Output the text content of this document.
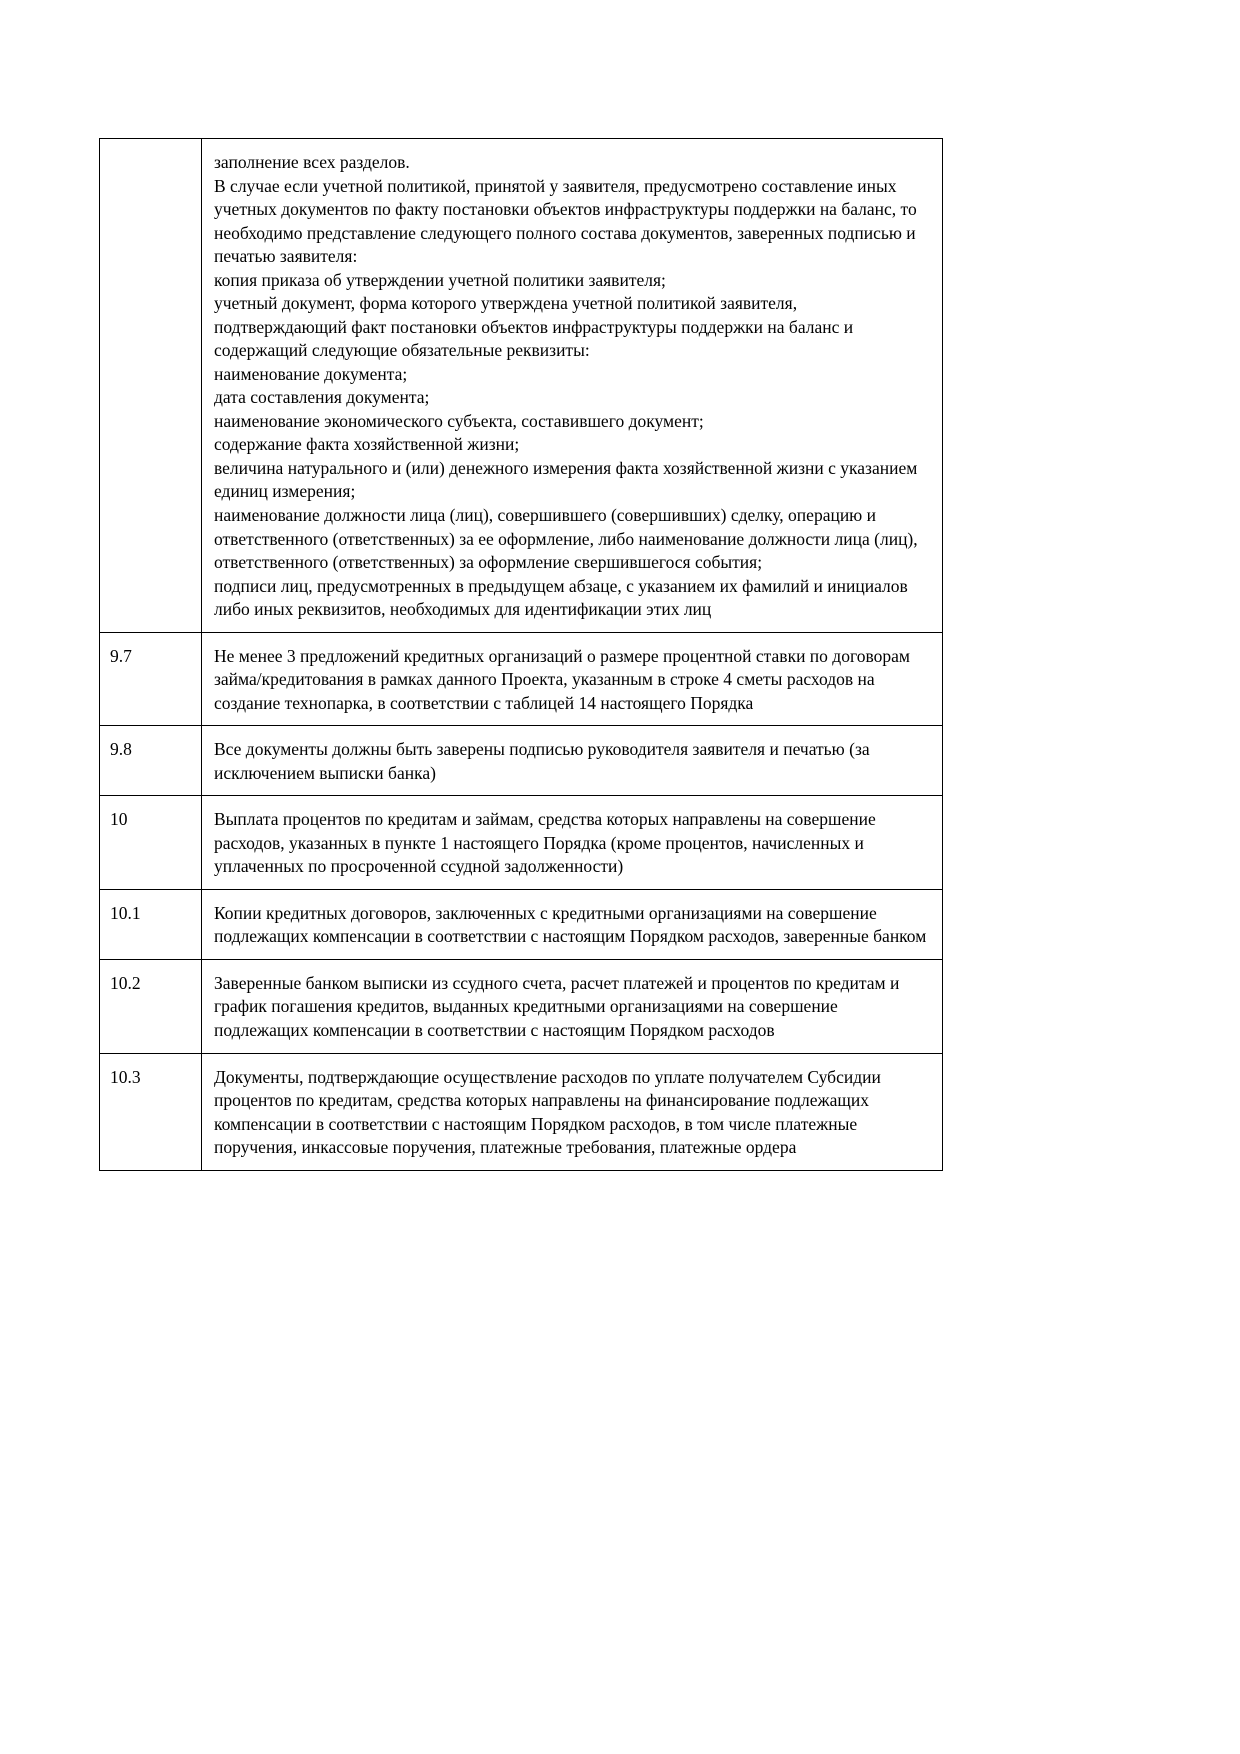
заполнение всех разделов.

В случае если учетной политикой, принятой у заявителя, предусмотрено составление иных учетных документов по факту постановки объектов инфраструктуры поддержки на баланс, то необходимо представление следующего полного состава документов, заверенных подписью и печатью заявителя:

копия приказа об утверждении учетной политики заявителя;

учетный документ, форма которого утверждена учетной политикой заявителя, подтверждающий факт постановки объектов инфраструктуры поддержки на баланс и содержащий следующие обязательные реквизиты:

наименование документа;

дата составления документа;

наименование экономического субъекта, составившего документ;

содержание факта хозяйственной жизни;

величина натурального и (или) денежного измерения факта хозяйственной жизни с указанием единиц измерения;

наименование должности лица (лиц), совершившего (совершивших) сделку, операцию и ответственного (ответственных) за ее оформление, либо наименование должности лица (лиц), ответственного (ответственных) за оформление свершившегося события;

подписи лиц, предусмотренных в предыдущем абзаце, с указанием их фамилий и инициалов либо иных реквизитов, необходимых для идентификации этих лиц

9.7	Не менее 3 предложений кредитных организаций о размере процентной ставки по договорам займа/кредитования в рамках данного Проекта, указанным в строке 4 сметы расходов на создание технопарка, в соответствии с таблицей 14 настоящего Порядка

9.8	Все документы должны быть заверены подписью руководителя заявителя и печатью (за исключением выписки банка)

10	Выплата процентов по кредитам и займам, средства которых направлены на совершение расходов, указанных в пункте 1 настоящего Порядка (кроме процентов, начисленных и уплаченных по просроченной ссудной задолженности)

10.1	Копии кредитных договоров, заключенных с кредитными организациями на совершение подлежащих компенсации в соответствии с настоящим Порядком расходов, заверенные банком

10.2	Заверенные банком выписки из ссудного счета, расчет платежей и процентов по кредитам и график погашения кредитов, выданных кредитными организациями на совершение подлежащих компенсации в соответствии с настоящим Порядком расходов

10.3	Документы, подтверждающие осуществление расходов по уплате получателем Субсидии процентов по кредитам, средства которых направлены на финансирование подлежащих компенсации в соответствии с настоящим Порядком расходов, в том числе платежные поручения, инкассовые поручения, платежные требования, платежные ордера
